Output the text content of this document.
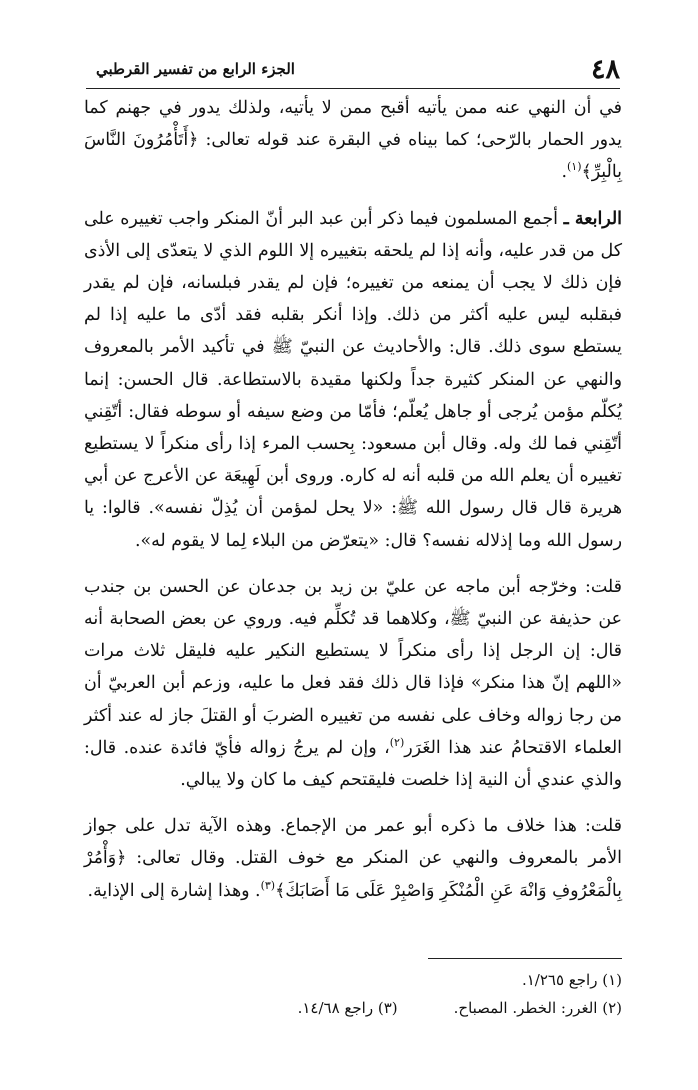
٤٨
الجزء الرابع من تفسير القرطبي

في أن النهي عنه ممن يأتيه أقبح ممن لا يأتيه، ولذلك يدور في جهنم كما يدور الحمار بالرّحى؛ كما بيناه في البقرة عند قوله تعالى: ﴿أَتَأْمُرُونَ النَّاسَ بِالْبِرِّ﴾$^{(١)}$.

الرابعة ـ أجمع المسلمون فيما ذكر أبن عبد البر أنّ المنكر واجب تغييره على كل من قدر عليه، وأنه إذا لم يلحقه بتغييره إلا اللوم الذي لا يتعدّى إلى الأذى فإن ذلك لا يجب أن يمنعه من تغييره؛ فإن لم يقدر فبلسانه، فإن لم يقدر فبقلبه ليس عليه أكثر من ذلك. وإذا أنكر بقلبه فقد أدّى ما عليه إذا لم يستطع سوى ذلك. قال: والأحاديث عن النبيّ ﷺ في تأكيد الأمر بالمعروف والنهي عن المنكر كثيرة جداً ولكنها مقيدة بالاستطاعة. قال الحسن: إنما يُكلّم مؤمن يُرجى أو جاهل يُعلّم؛ فأمّا من وضع سيفه أو سوطه فقال: أتّقِني أتّقِني فما لك وله. وقال أبن مسعود: بِحسب المرء إذا رأى منكراً لا يستطيع تغييره أن يعلم الله من قلبه أنه له كاره. وروى أبن لَهِيعَة عن الأعرج عن أبي هريرة قال قال رسول الله ﷺ: «لا يحل لمؤمن أن يُذِلّ نفسه». قالوا: يا رسول الله وما إذلاله نفسه؟ قال: «يتعرّض من البلاء لِما لا يقوم له».

قلت: وخرّجه أبن ماجه عن عليّ بن زيد بن جدعان عن الحسن بن جندب عن حذيفة عن النبيّ ﷺ، وكلاهما قد تُكلِّم فيه. وروي عن بعض الصحابة أنه قال: إن الرجل إذا رأى منكراً لا يستطيع النكير عليه فليقل ثلاث مرات «اللهم إنّ هذا منكر» فإذا قال ذلك فقد فعل ما عليه، وزعم أبن العربيّ أن من رجا زواله وخاف على نفسه من تغييره الضربَ أو القتلَ جاز له عند أكثر العلماء الاقتحامُ عند هذا الغَرَر$^{(٢)}$، وإن لم يرجُ زواله فأيّ فائدة عنده. قال: والذي عندي أن النية إذا خلصت فليقتحم كيف ما كان ولا يبالي.

قلت: هذا خلاف ما ذكره أبو عمر من الإجماع. وهذه الآية تدل على جواز الأمر بالمعروف والنهي عن المنكر مع خوف القتل. وقال تعالى: ﴿وَأْمُرْ بِالْمَعْرُوفِ وَانْهَ عَنِ الْمُنْكَرِ وَاصْبِرْ عَلَى مَا أَصَابَكَ﴾$^{(٣)}$. وهذا إشارة إلى الإذاية.

(١) راجع ١/٢٦٥.
(٢) الغرر: الخطر. المصباح.
(٣) راجع ١٤/٦٨.
